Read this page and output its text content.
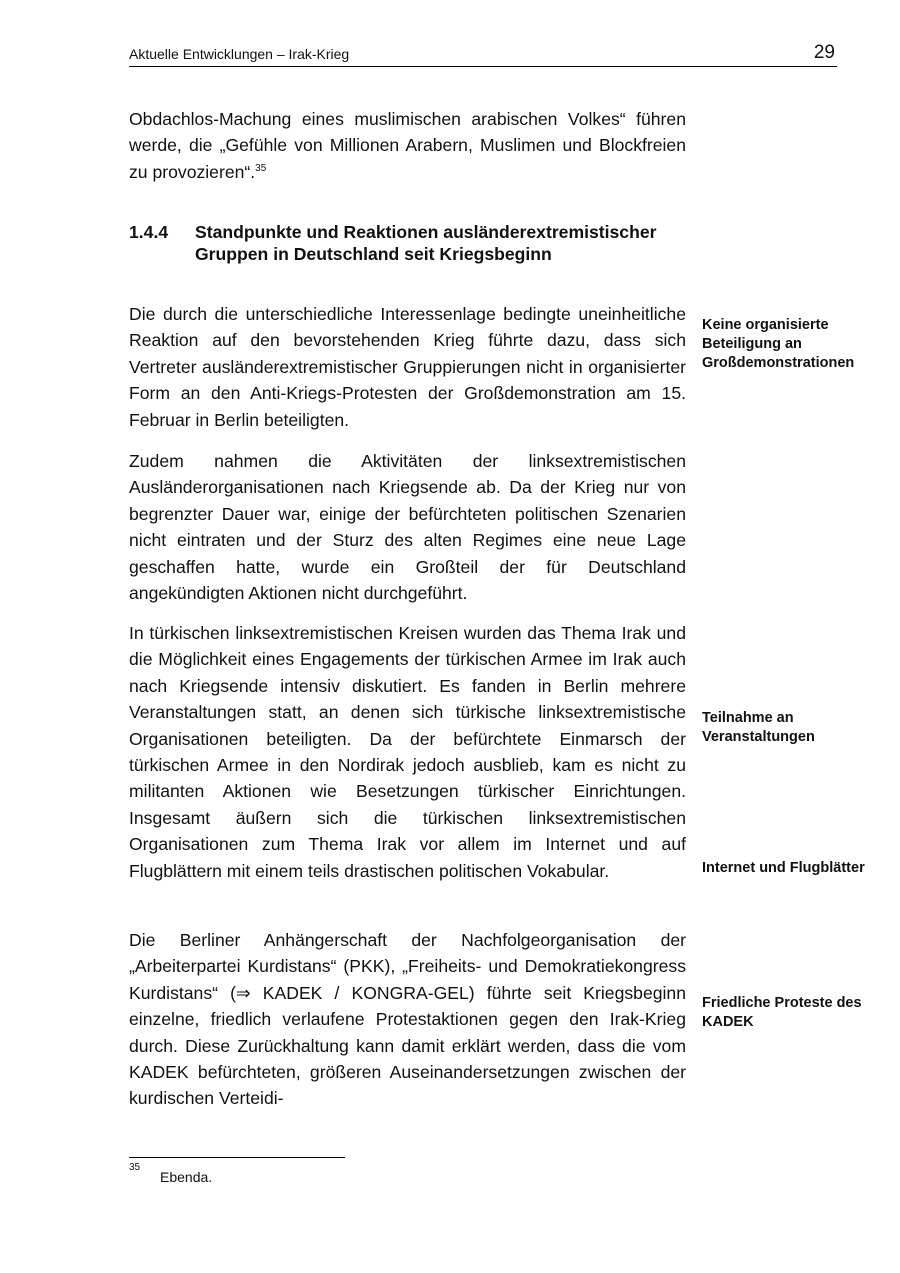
Aktuelle Entwicklungen – Irak-Krieg	29

Obdachlos-Machung eines muslimischen arabischen Volkes“ führen werde, die „Gefühle von Millionen Arabern, Muslimen und Blockfreien zu provozieren“.$^{35}$

1.4.4 Standpunkte und Reaktionen ausländerextremistischer Gruppen in Deutschland seit Kriegsbeginn

Die durch die unterschiedliche Interessenlage bedingte uneinheitliche Reaktion auf den bevorstehenden Krieg führte dazu, dass sich Vertreter ausländerextremistischer Gruppierungen nicht in organisierter Form an den Anti-Kriegs-Protesten der Großdemonstration am 15. Februar in Berlin beteiligten.

Zudem nahmen die Aktivitäten der linksextremistischen Ausländerorganisationen nach Kriegsende ab. Da der Krieg nur von begrenzter Dauer war, einige der befürchteten politischen Szenarien nicht eintraten und der Sturz des alten Regimes eine neue Lage geschaffen hatte, wurde ein Großteil der für Deutschland angekündigten Aktionen nicht durchgeführt.

In türkischen linksextremistischen Kreisen wurden das Thema Irak und die Möglichkeit eines Engagements der türkischen Armee im Irak auch nach Kriegsende intensiv diskutiert. Es fanden in Berlin mehrere Veranstaltungen statt, an denen sich türkische linksextremistische Organisationen beteiligten. Da der befürchtete Einmarsch der türkischen Armee in den Nordirak jedoch ausblieb, kam es nicht zu militanten Aktionen wie Besetzungen türkischer Einrichtungen. Insgesamt äußern sich die türkischen linksextremistischen Organisationen zum Thema Irak vor allem im Internet und auf Flugblättern mit einem teils drastischen politischen Vokabular.

Die Berliner Anhängerschaft der Nachfolgeorganisation der „Arbeiterpartei Kurdistans“ (PKK), „Freiheits- und Demokratiekongress Kurdistans“ (⇒ KADEK / KONGRA-GEL) führte seit Kriegsbeginn einzelne, friedlich verlaufene Protestaktionen gegen den Irak-Krieg durch. Diese Zurückhaltung kann damit erklärt werden, dass die vom KADEK befürchteten, größeren Auseinandersetzungen zwischen der kurdischen Verteidi-

Keine organisierte Beteiligung an Großdemonstrationen
Teilnahme an Veranstaltungen
Internet und Flugblätter
Friedliche Proteste des KADEK
35
Ebenda.
